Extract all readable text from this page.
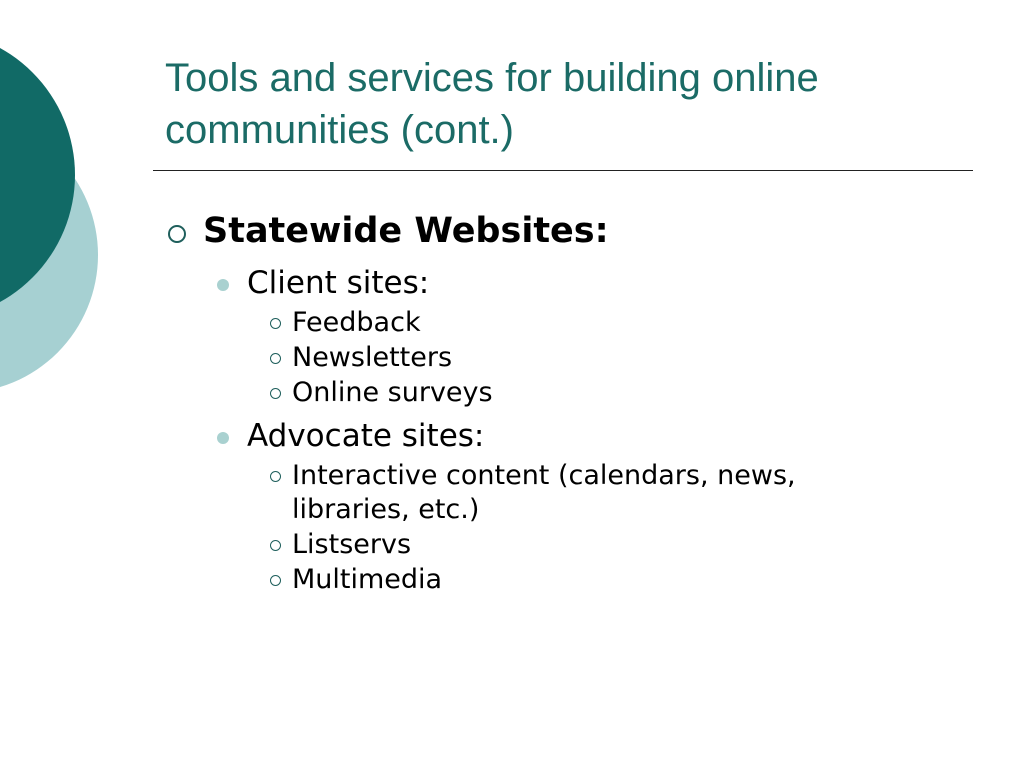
Tools and services for building online
communities (cont.)
Statewide Websites:
Client sites:
Feedback
Newsletters
Online surveys
Advocate sites:
Interactive content (calendars, news,
libraries, etc.)
Listservs
Multimedia
